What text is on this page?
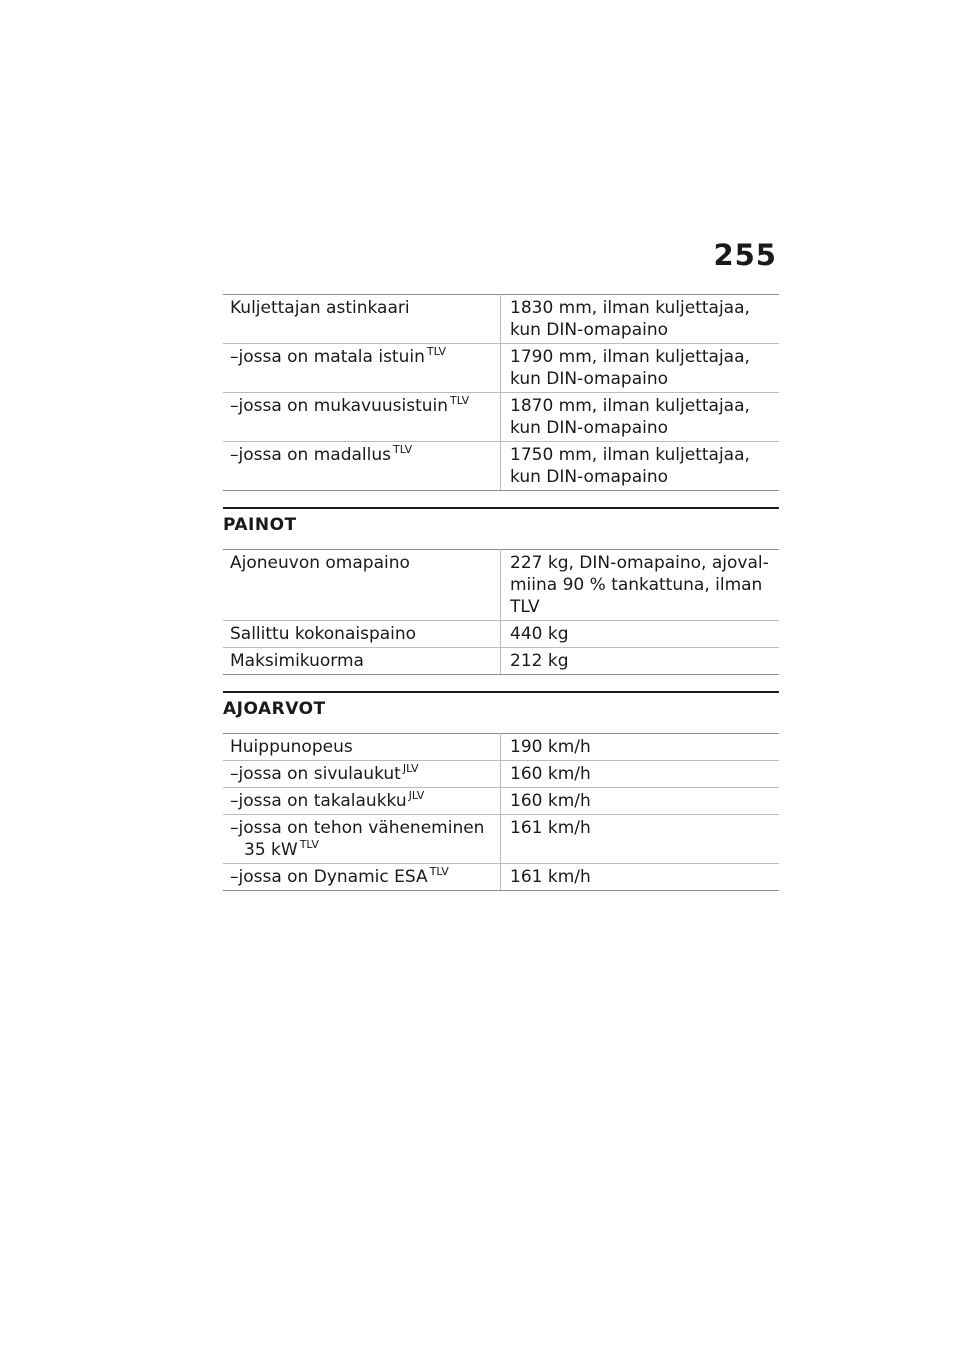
255
Kuljettajan astinkaari	1830 mm, ilman kuljettajaa, kun DIN-omapaino
–jossa on matala istuin $^{TLV}$	1790 mm, ilman kuljettajaa, kun DIN-omapaino
–jossa on mukavuusistuin $^{TLV}$	1870 mm, ilman kuljettajaa, kun DIN-omapaino
–jossa on madallus $^{TLV}$	1750 mm, ilman kuljettajaa, kun DIN-omapaino
PAINOT
Ajoneuvon omapaino	227 kg, DIN-omapaino, ajoval-miina 90 % tankattuna, ilman TLV
Sallittu kokonaispaino	440 kg
Maksimikuorma	212 kg
AJOARVOT
Huippunopeus	190 km/h
–jossa on sivulaukut $^{JLV}$	160 km/h
–jossa on takalaukku $^{JLV}$	160 km/h
–jossa on tehon väheneminen
35 kW $^{TLV}$	161 km/h
–jossa on Dynamic ESA $^{TLV}$	161 km/h
